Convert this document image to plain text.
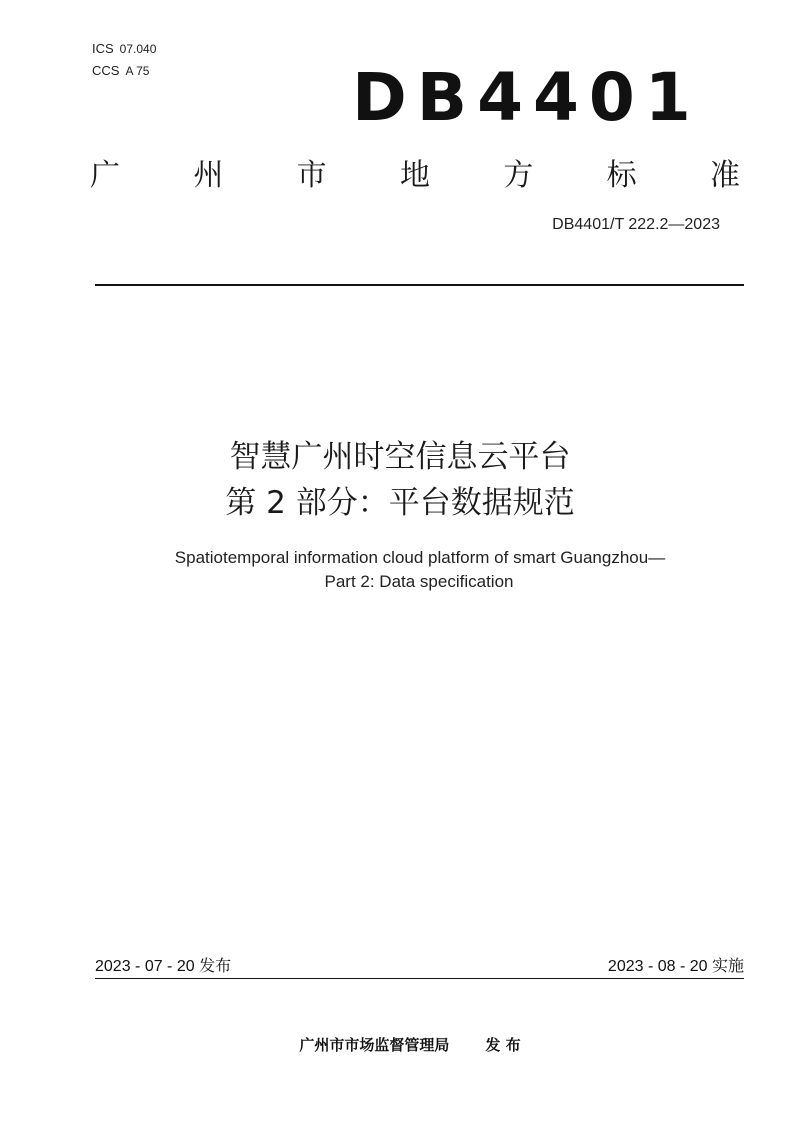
ICS 07.040
CCS A 75	DB4401
广 州 市 地 方 标 准
DB4401/T 222.2—2023
智慧广州时空信息云平台
第 2 部分：平台数据规范
Spatiotemporal information cloud platform of smart Guangzhou—
Part 2: Data specification
2023 - 07 - 20 发布	2023 - 08 - 20 实施
广州市市场监督管理局 发 布
